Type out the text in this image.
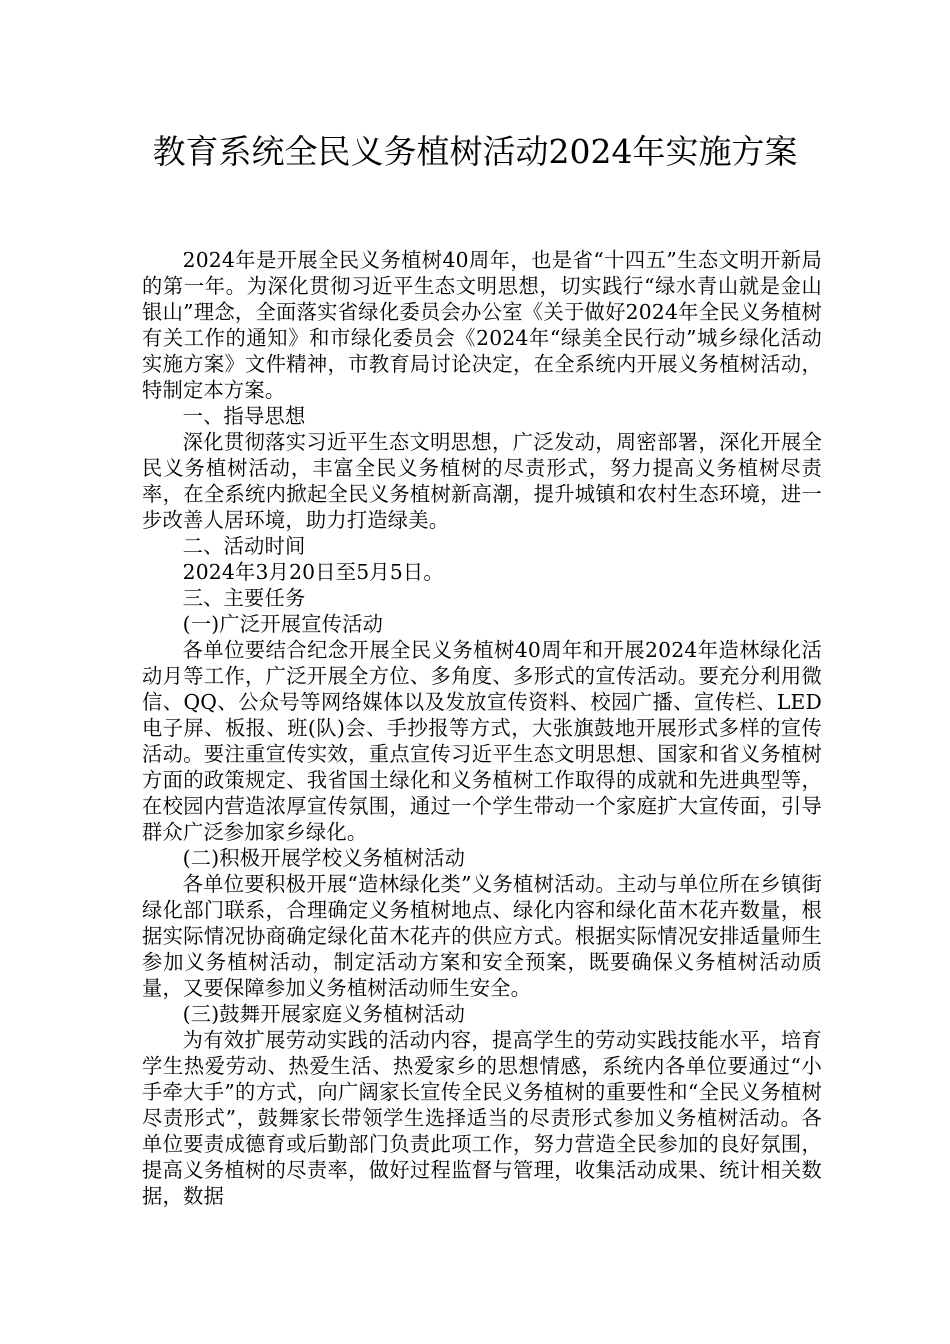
教育系统全民义务植树活动2024年实施方案

2024年是开展全民义务植树40周年，也是省“十四五”生态文明开新局的第一年。为深化贯彻习近平生态文明思想，切实践行“绿水青山就是金山银山”理念，全面落实省绿化委员会办公室《关于做好2024年全民义务植树有关工作的通知》和市绿化委员会《2024年“绿美全民行动”城乡绿化活动实施方案》文件精神，市教育局讨论决定，在全系统内开展义务植树活动，特制定本方案。

一、指导思想

深化贯彻落实习近平生态文明思想，广泛发动，周密部署，深化开展全民义务植树活动，丰富全民义务植树的尽责形式，努力提高义务植树尽责率，在全系统内掀起全民义务植树新高潮，提升城镇和农村生态环境，进一步改善人居环境，助力打造绿美。

二、活动时间

2024年3月20日至5月5日。

三、主要任务

(一)广泛开展宣传活动

各单位要结合纪念开展全民义务植树40周年和开展2024年造林绿化活动月等工作，广泛开展全方位、多角度、多形式的宣传活动。要充分利用微信、QQ、公众号等网络媒体以及发放宣传资料、校园广播、宣传栏、LED电子屏、板报、班(队)会、手抄报等方式，大张旗鼓地开展形式多样的宣传活动。要注重宣传实效，重点宣传习近平生态文明思想、国家和省义务植树方面的政策规定、我省国土绿化和义务植树工作取得的成就和先进典型等，在校园内营造浓厚宣传氛围，通过一个学生带动一个家庭扩大宣传面，引导群众广泛参加家乡绿化。

(二)积极开展学校义务植树活动

各单位要积极开展“造林绿化类”义务植树活动。主动与单位所在乡镇街绿化部门联系，合理确定义务植树地点、绿化内容和绿化苗木花卉数量，根据实际情况协商确定绿化苗木花卉的供应方式。根据实际情况安排适量师生参加义务植树活动，制定活动方案和安全预案，既要确保义务植树活动质量，又要保障参加义务植树活动师生安全。

(三)鼓舞开展家庭义务植树活动

为有效扩展劳动实践的活动内容，提高学生的劳动实践技能水平，培育学生热爱劳动、热爱生活、热爱家乡的思想情感，系统内各单位要通过“小手牵大手”的方式，向广阔家长宣传全民义务植树的重要性和“全民义务植树尽责形式”，鼓舞家长带领学生选择适当的尽责形式参加义务植树活动。各单位要责成德育或后勤部门负责此项工作，努力营造全民参加的良好氛围，提高义务植树的尽责率，做好过程监督与管理，收集活动成果、统计相关数据，数据
